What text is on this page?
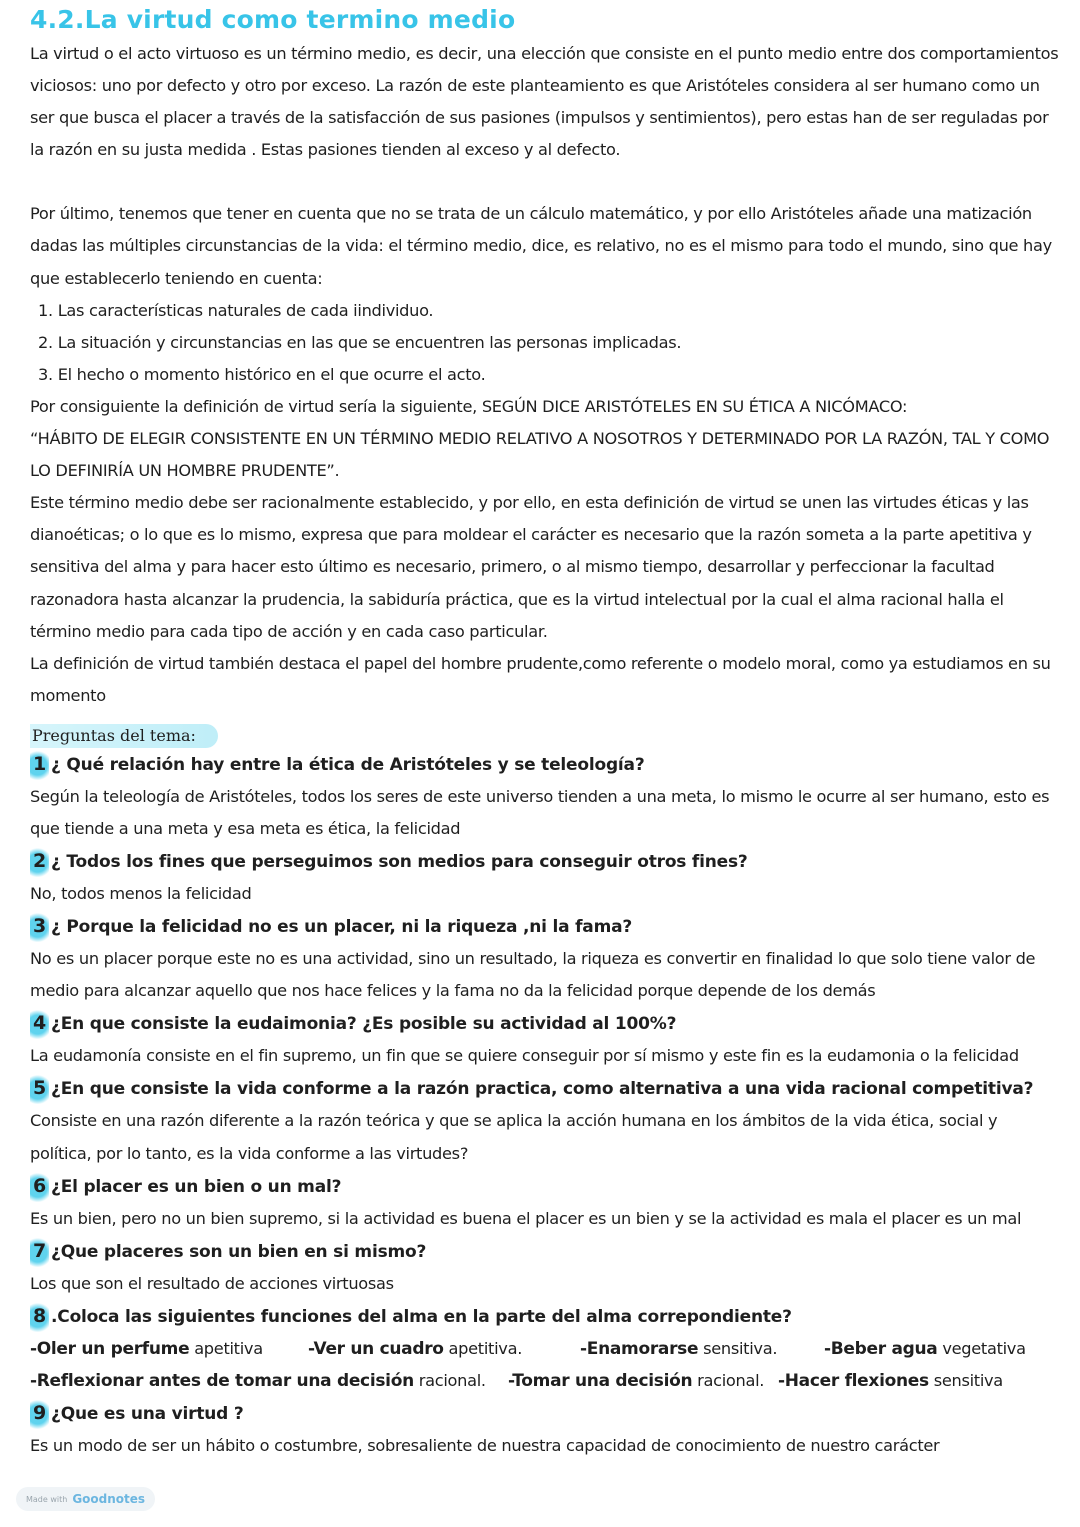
4.2.La virtud como termino medio

La virtud o el acto virtuoso es un término medio, es decir, una elección que consiste en el punto medio entre dos comportamientos viciosos: uno por defecto y otro por exceso. La razón de este planteamiento es que Aristóteles considera al ser humano como un ser que busca el placer a través de la satisfacción de sus pasiones (impulsos y sentimientos), pero estas han de ser reguladas por la razón en su justa medida . Estas pasiones tienden al exceso y al defecto.

Por último, tenemos que tener en cuenta que no se trata de un cálculo matemático, y por ello Aristóteles añade una matización dadas las múltiples circunstancias de la vida: el término medio, dice, es relativo, no es el mismo para todo el mundo, sino que hay que establecerlo teniendo en cuenta:

1. Las características naturales de cada iindividuo.
2. La situación y circunstancias en las que se encuentren las personas implicadas.
3. El hecho o momento histórico en el que ocurre el acto.

Por consiguiente la definición de virtud sería la siguiente, SEGÚN DICE ARISTÓTELES EN SU ÉTICA A NICÓMACO:

“HÁBITO DE ELEGIR CONSISTENTE EN UN TÉRMINO MEDIO RELATIVO A NOSOTROS Y DETERMINADO POR LA RAZÓN, TAL Y COMO LO DEFINIRÍA UN HOMBRE PRUDENTE”.

Este término medio debe ser racionalmente establecido, y por ello, en esta definición de virtud se unen las virtudes éticas y las dianoéticas; o lo que es lo mismo, expresa que para moldear el carácter es necesario que la razón someta a la parte apetitiva y sensitiva del alma y para hacer esto último es necesario, primero, o al mismo tiempo, desarrollar y perfeccionar la facultad razonadora hasta alcanzar la prudencia, la sabiduría práctica, que es la virtud intelectual por la cual el alma racional halla el término medio para cada tipo de acción y en cada caso particular.

La definición de virtud también destaca el papel del hombre prudente,como referente o modelo moral, como ya estudiamos en su momento

Preguntas del tema:
1 ¿ Qué relación hay entre la ética de Aristóteles y se teleología?
Según la teleología de Aristóteles, todos los seres de este universo tienden a una meta, lo mismo le ocurre al ser humano, esto es que tiende a una meta y esa meta es ética, la felicidad
2 ¿ Todos los fines que perseguimos son medios para conseguir otros fines?
No, todos menos la felicidad
3 ¿ Porque la felicidad no es un placer, ni la riqueza ,ni la fama?
No es un placer porque este no es una actividad, sino un resultado, la riqueza es convertir en finalidad lo que solo tiene valor de medio para alcanzar aquello que nos hace felices y la fama no da la felicidad porque depende de los demás
4 ¿En que consiste la eudaimonia? ¿Es posible su actividad al 100%?
La eudamonía consiste en el fin supremo, un fin que se quiere conseguir por sí mismo y este fin es la eudamonia o la felicidad
5 ¿En que consiste la vida conforme a la razón practica, como alternativa a una vida racional competitiva?
Consiste en una razón diferente a la razón teórica y que se aplica la acción humana en los ámbitos de la vida ética, social y política, por lo tanto, es la vida conforme a las virtudes?
6 ¿El placer es un bien o un mal?
Es un bien, pero no un bien supremo, si la actividad es buena el placer es un bien y se la actividad es mala el placer es un mal
7 ¿Que placeres son un bien en si mismo?
Los que son el resultado de acciones virtuosas
8 .Coloca las siguientes funciones del alma en la parte del alma correpondiente?
-Oler un perfume apetitiva	-Ver un cuadro apetitiva.	-Enamorarse sensitiva.	-Beber agua vegetativa
-Reflexionar antes de tomar una decisión racional.	-Tomar una decisión racional. -Hacer flexiones sensitiva
9 ¿Que es una virtud ?
Es un modo de ser un hábito o costumbre, sobresaliente de nuestra capacidad de conocimiento de nuestro carácter
Made with Goodnotes
